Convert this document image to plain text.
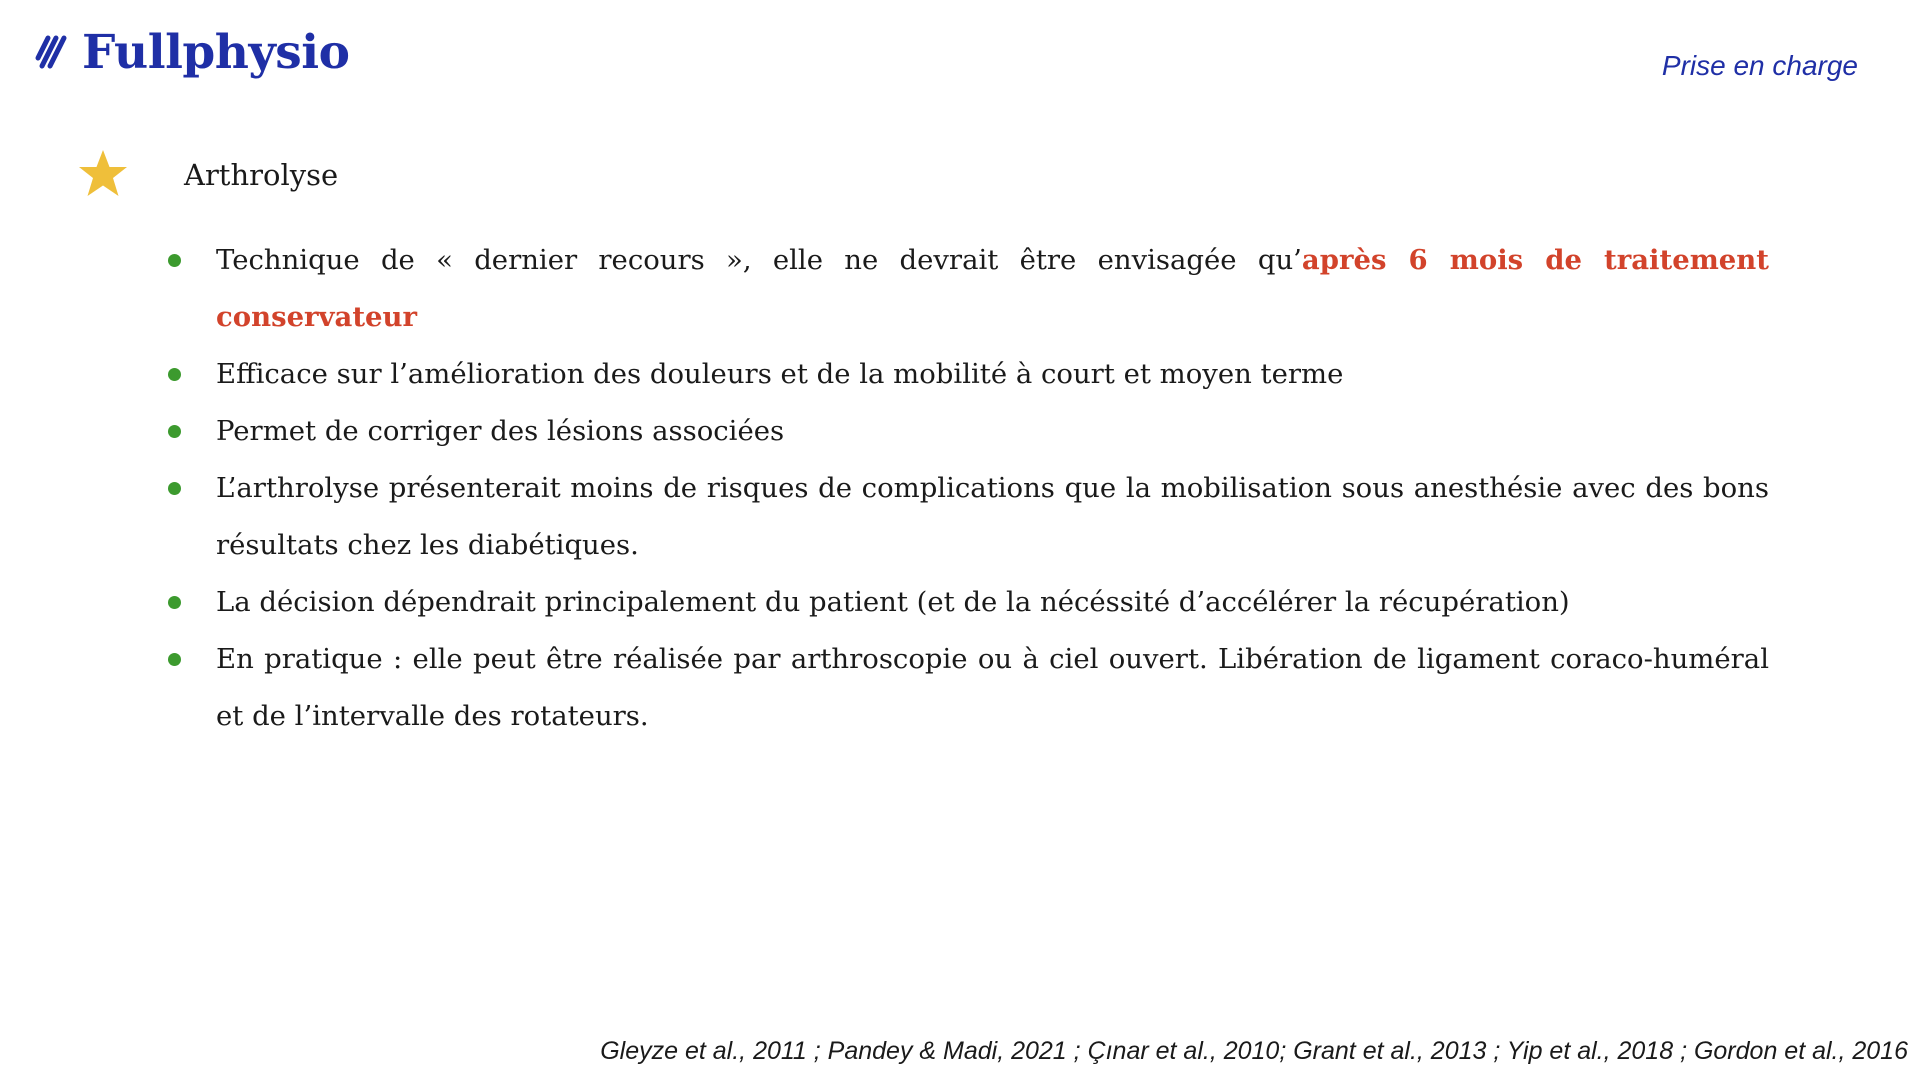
Fullphysio	Prise en charge
Arthrolyse
Technique de « dernier recours », elle ne devrait être envisagée qu’après 6 mois de traitement conservateur
Efficace sur l’amélioration des douleurs et de la mobilité à court et moyen terme
Permet de corriger des lésions associées
L’arthrolyse présenterait moins de risques de complications que la mobilisation sous anesthésie avec des bons résultats chez les diabétiques.
La décision dépendrait principalement du patient (et de la nécéssité d’accélérer la récupération)
En pratique : elle peut être réalisée par arthroscopie ou à ciel ouvert. Libération de ligament coraco-huméral et de l’intervalle des rotateurs.
Gleyze et al., 2011 ; Pandey & Madi, 2021 ; Çınar et al., 2010; Grant et al., 2013 ; Yip et al., 2018 ; Gordon et al., 2016
